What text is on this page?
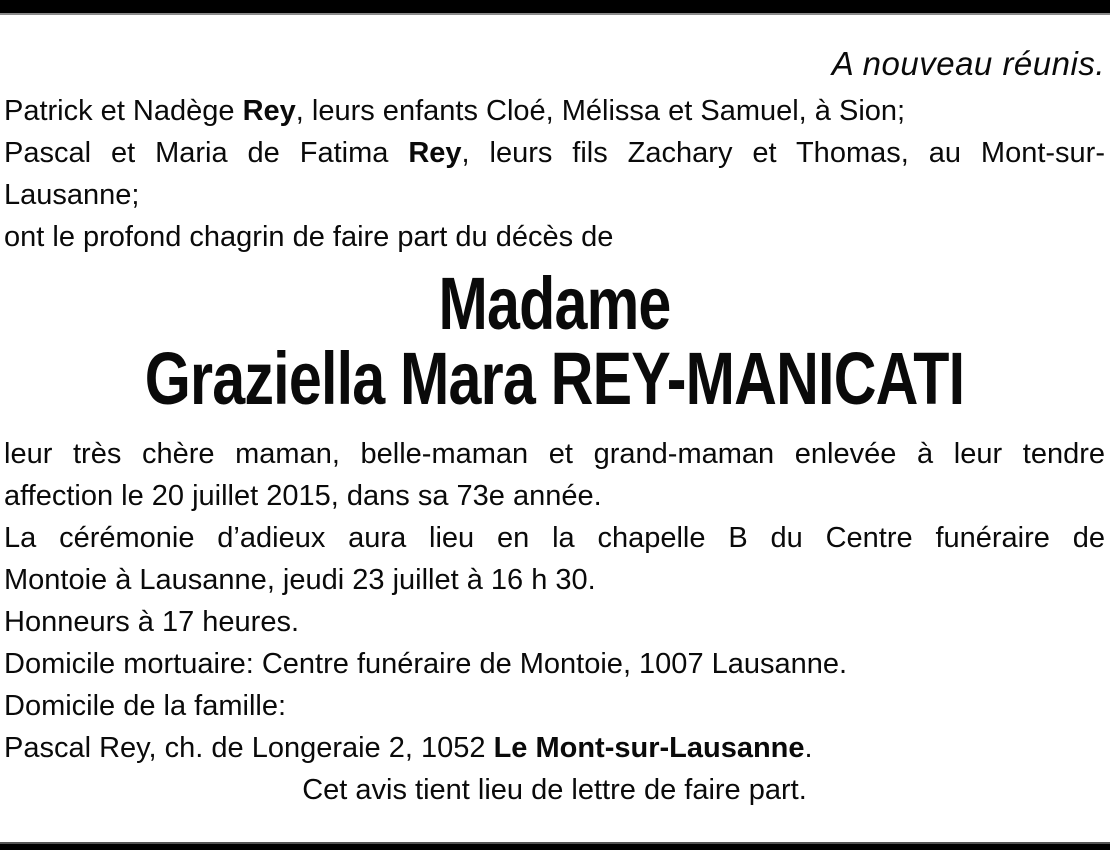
A nouveau réunis.
Patrick et Nadège Rey, leurs enfants Cloé, Mélissa et Samuel, à Sion;
Pascal et Maria de Fatima Rey, leurs fils Zachary et Thomas, au Mont-sur-
Lausanne;
ont le profond chagrin de faire part du décès de
Madame
Graziella Mara REY-MANICATI
leur très chère maman, belle-maman et grand-maman enlevée à leur tendre
affection le 20 juillet 2015, dans sa 73e année.
La cérémonie d’adieux aura lieu en la chapelle B du Centre funéraire de
Montoie à Lausanne, jeudi 23 juillet à 16 h 30.
Honneurs à 17 heures.
Domicile mortuaire: Centre funéraire de Montoie, 1007 Lausanne.
Domicile de la famille:
Pascal Rey, ch. de Longeraie 2, 1052 Le Mont-sur-Lausanne.
Cet avis tient lieu de lettre de faire part.
